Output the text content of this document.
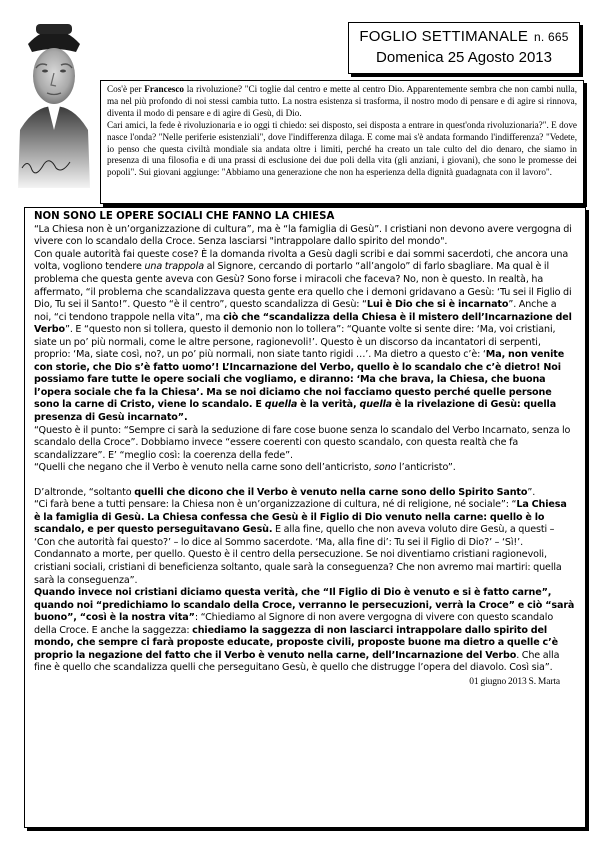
FOGLIO SETTIMANALE n. 665
Domenica 25 Agosto 2013

Cos'è per Francesco la rivoluzione? "Ci toglie dal centro e mette al centro Dio. Apparentemente sembra che non cambi nulla, ma nel più profondo di noi stessi cambia tutto. La nostra esistenza si trasforma, il nostro modo di pensare e di agire si rinnova, diventa il modo di pensare e di agire di Gesù, di Dio.

Cari amici, la fede è rivoluzionaria e io oggi ti chiedo: sei disposto, sei disposta a entrare in quest'onda rivoluzionaria?". E dove nasce l'onda? "Nelle periferie esistenziali", dove l'indifferenza dilaga. E come mai s'è andata formando l'indifferenza? "Vedete, io penso che questa civiltà mondiale sia andata oltre i limiti, perché ha creato un tale culto del dio denaro, che siamo in presenza di una filosofia e di una prassi di esclusione dei due poli della vita (gli anziani, i giovani), che sono le promesse dei popoli". Sui giovani aggiunge: "Abbiamo una generazione che non ha esperienza della dignità guadagnata con il lavoro".

NON SONO LE OPERE SOCIALI CHE FANNO LA CHIESA

“La Chiesa non è un’organizzazione di cultura”, ma è “la famiglia di Gesù”. I cristiani non devono avere vergogna di vivere con lo scandalo della Croce. Senza lasciarsi "intrappolare dallo spirito del mondo".

Con quale autorità fai queste cose? È la domanda rivolta a Gesù dagli scribi e dai sommi sacerdoti, che ancora una volta, vogliono tendere una trappola al Signore, cercando di portarlo “all’angolo” di farlo sbagliare. Ma qual è il problema che questa gente aveva con Gesù? Sono forse i miracoli che faceva? No, non è questo. In realtà, ha affermato, “il problema che scandalizzava questa gente era quello che i demoni gridavano a Gesù: ‘Tu sei il Figlio di Dio, Tu sei il Santo!”. Questo “è il centro”, questo scandalizza di Gesù: “Lui è Dio che si è incarnato”. Anche a noi, “ci tendono trappole nella vita”, ma ciò che “scandalizza della Chiesa è il mistero dell’Incarnazione del Verbo”. E “questo non si tollera, questo il demonio non lo tollera”: “Quante volte si sente dire: ‘Ma, voi cristiani, siate un po’ più normali, come le altre persone, ragionevoli!’. Questo è un discorso da incantatori di serpenti, proprio: ‘Ma, siate così, no?, un po’ più normali, non siate tanto rigidi …’. Ma dietro a questo c’è: ‘Ma, non venite con storie, che Dio s’è fatto uomo’! L’Incarnazione del Verbo, quello è lo scandalo che c’è dietro! Noi possiamo fare tutte le opere sociali che vogliamo, e diranno: ‘Ma che brava, la Chiesa, che buona l’opera sociale che fa la Chiesa’. Ma se noi diciamo che noi facciamo questo perché quelle persone sono la carne di Cristo, viene lo scandalo. E quella è la verità, quella è la rivelazione di Gesù: quella presenza di Gesù incarnato”.

“Questo è il punto: “Sempre ci sarà la seduzione di fare cose buone senza lo scandalo del Verbo Incarnato, senza lo scandalo della Croce”. Dobbiamo invece “essere coerenti con questo scandalo, con questa realtà che fa scandalizzare”. E’ “meglio così: la coerenza della fede”.

“Quelli che negano che il Verbo è venuto nella carne sono dell’anticristo, sono l’anticristo”.

D’altronde, “soltanto quelli che dicono che il Verbo è venuto nella carne sono dello Spirito Santo”.

“Ci farà bene a tutti pensare: la Chiesa non è un’organizzazione di cultura, né di religione, né sociale”: “La Chiesa è la famiglia di Gesù. La Chiesa confessa che Gesù è il Figlio di Dio venuto nella carne: quello è lo scandalo, e per questo perseguitavano Gesù. E alla fine, quello che non aveva voluto dire Gesù, a questi – ‘Con che autorità fai questo?’ – lo dice al Sommo sacerdote. ‘Ma, alla fine di’: Tu sei il Figlio di Dio?’ – ‘Sì!’. Condannato a morte, per quello. Questo è il centro della persecuzione. Se noi diventiamo cristiani ragionevoli, cristiani sociali, cristiani di beneficienza soltanto, quale sarà la conseguenza? Che non avremo mai martiri: quella sarà la conseguenza”.

Quando invece noi cristiani diciamo questa verità, che “Il Figlio di Dio è venuto e si è fatto carne”, quando noi “predichiamo lo scandalo della Croce, verranno le persecuzioni, verrà la Croce” e ciò “sarà buono”, “così è la nostra vita”: “Chiediamo al Signore di non avere vergogna di vivere con questo scandalo della Croce. E anche la saggezza: chiediamo la saggezza di non lasciarci intrappolare dallo spirito del mondo, che sempre ci farà proposte educate, proposte civili, proposte buone ma dietro a quelle c’è proprio la negazione del fatto che il Verbo è venuto nella carne, dell’Incarnazione del Verbo. Che alla fine è quello che scandalizza quelli che perseguitano Gesù, è quello che distrugge l’opera del diavolo. Così sia”.

01 giugno 2013 S. Marta
